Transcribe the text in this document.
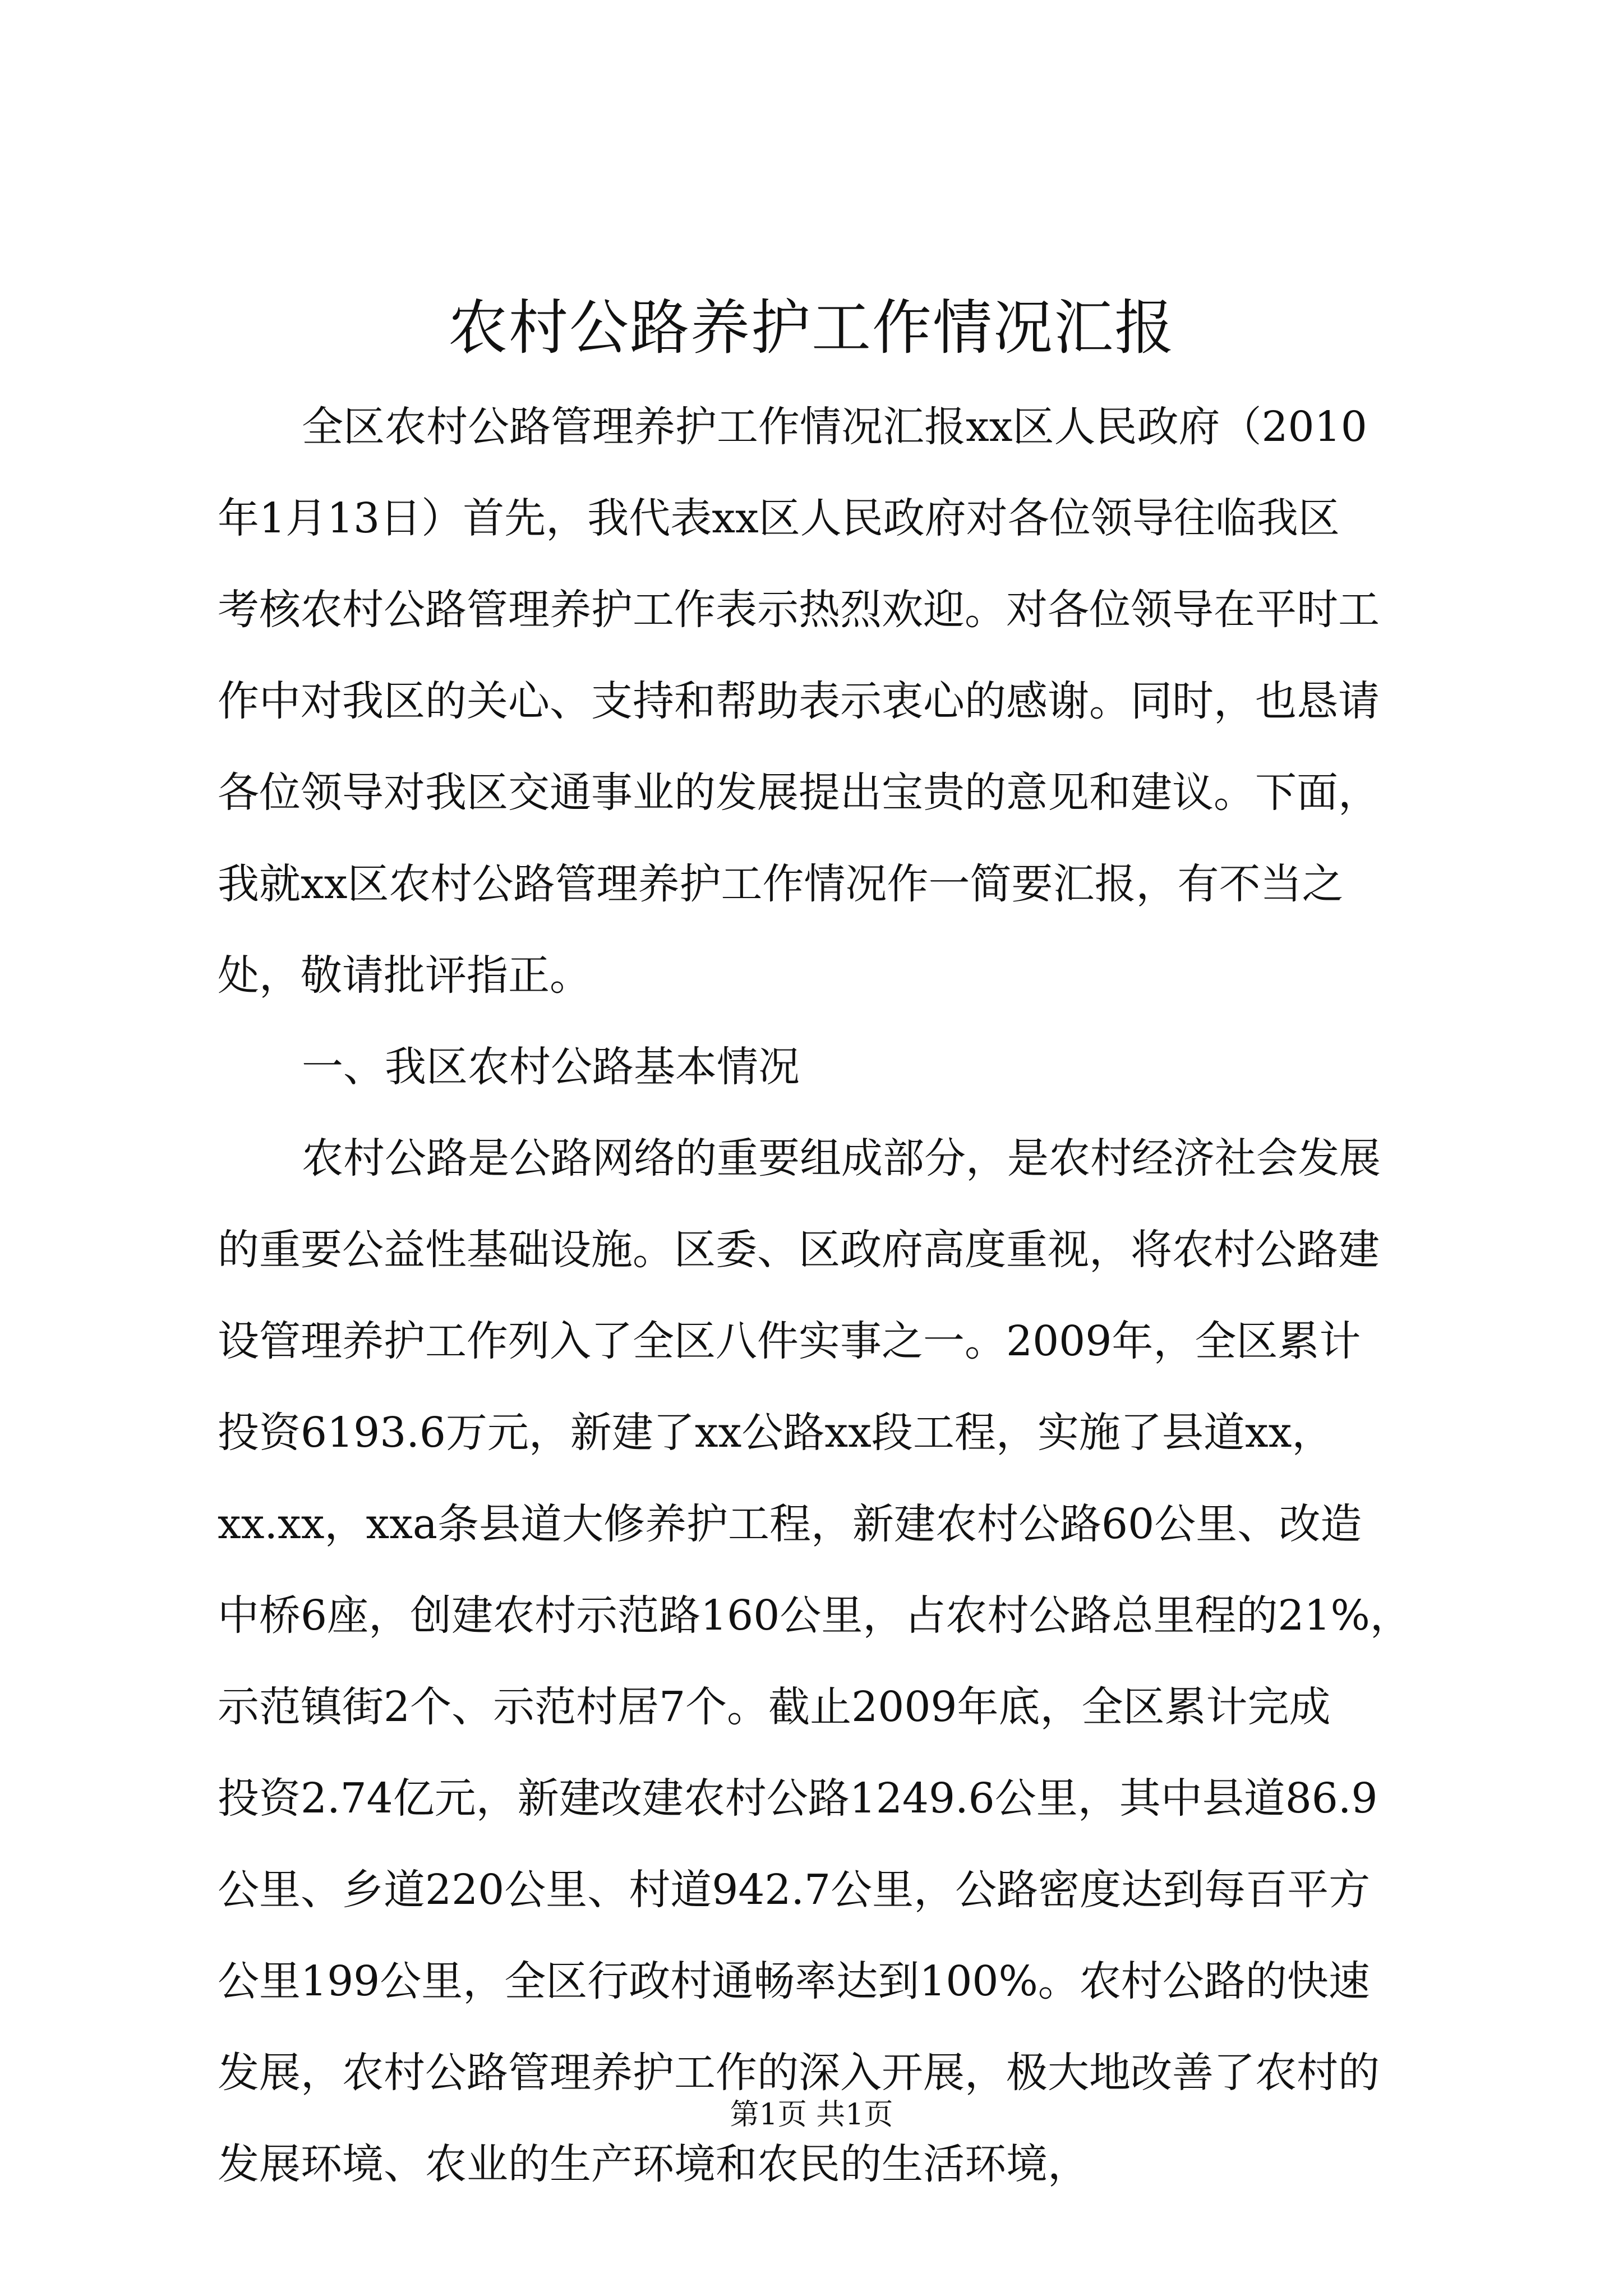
农村公路养护工作情况汇报
全区农村公路管理养护工作情况汇报xx区人民政府（2010
年1月13日）首先，我代表xx区人民政府对各位领导往临我区
考核农村公路管理养护工作表示热烈欢迎。对各位领导在平时工
作中对我区的关心、支持和帮助表示衷心的感谢。同时，也恳请
各位领导对我区交通事业的发展提出宝贵的意见和建议。下面，
我就xx区农村公路管理养护工作情况作一简要汇报，有不当之
处，敬请批评指正。
一、我区农村公路基本情况
农村公路是公路网络的重要组成部分，是农村经济社会发展
的重要公益性基础设施。区委、区政府高度重视，将农村公路建
设管理养护工作列入了全区八件实事之一。2009年，全区累计
投资6193.6万元，新建了xx公路xx段工程，实施了县道xx，
xx.xx，xxa条县道大修养护工程，新建农村公路60公里、改造
中桥6座，创建农村示范路160公里，占农村公路总里程的21%，
示范镇街2个、示范村居7个。截止2009年底，全区累计完成
投资2.74亿元，新建改建农村公路1249.6公里，其中县道86.9
公里、乡道220公里、村道942.7公里，公路密度达到每百平方
公里199公里，全区行政村通畅率达到100%。农村公路的快速
发展，农村公路管理养护工作的深入开展，极大地改善了农村的
发展环境、农业的生产环境和农民的生活环境，
第1页 共1页
